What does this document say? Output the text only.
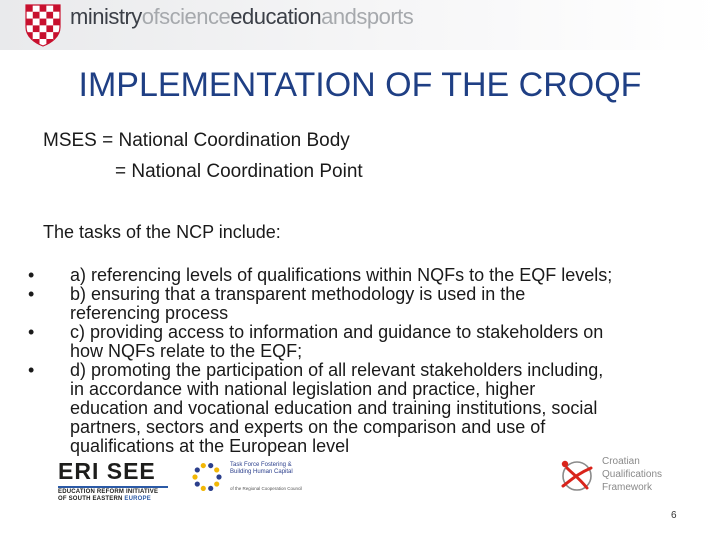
ministryofscienceeducationandsports
IMPLEMENTATION OF THE CROQF
MSES = National Coordination Body
= National Coordination Point
The tasks of the NCP include:
• a) referencing levels of qualifications within NQFs to the EQF levels;
• b) ensuring that a transparent methodology is used in the
referencing process
• c) providing access to information and guidance to stakeholders on
how NQFs relate to the EQF;
• d) promoting the participation of all relevant stakeholders including,
in accordance with national legislation and practice, higher
education and vocational education and training institutions, social
partners, sectors and experts on the comparison and use of
qualifications at the European level
ERI SEE
EDUCATION REFORM INITIATIVE
OF SOUTH EASTERN EUROPE
Task Force Fostering &
Building Human Capital
of the Regional Cooperation Council
Croatian
Qualifications
Framework
6
